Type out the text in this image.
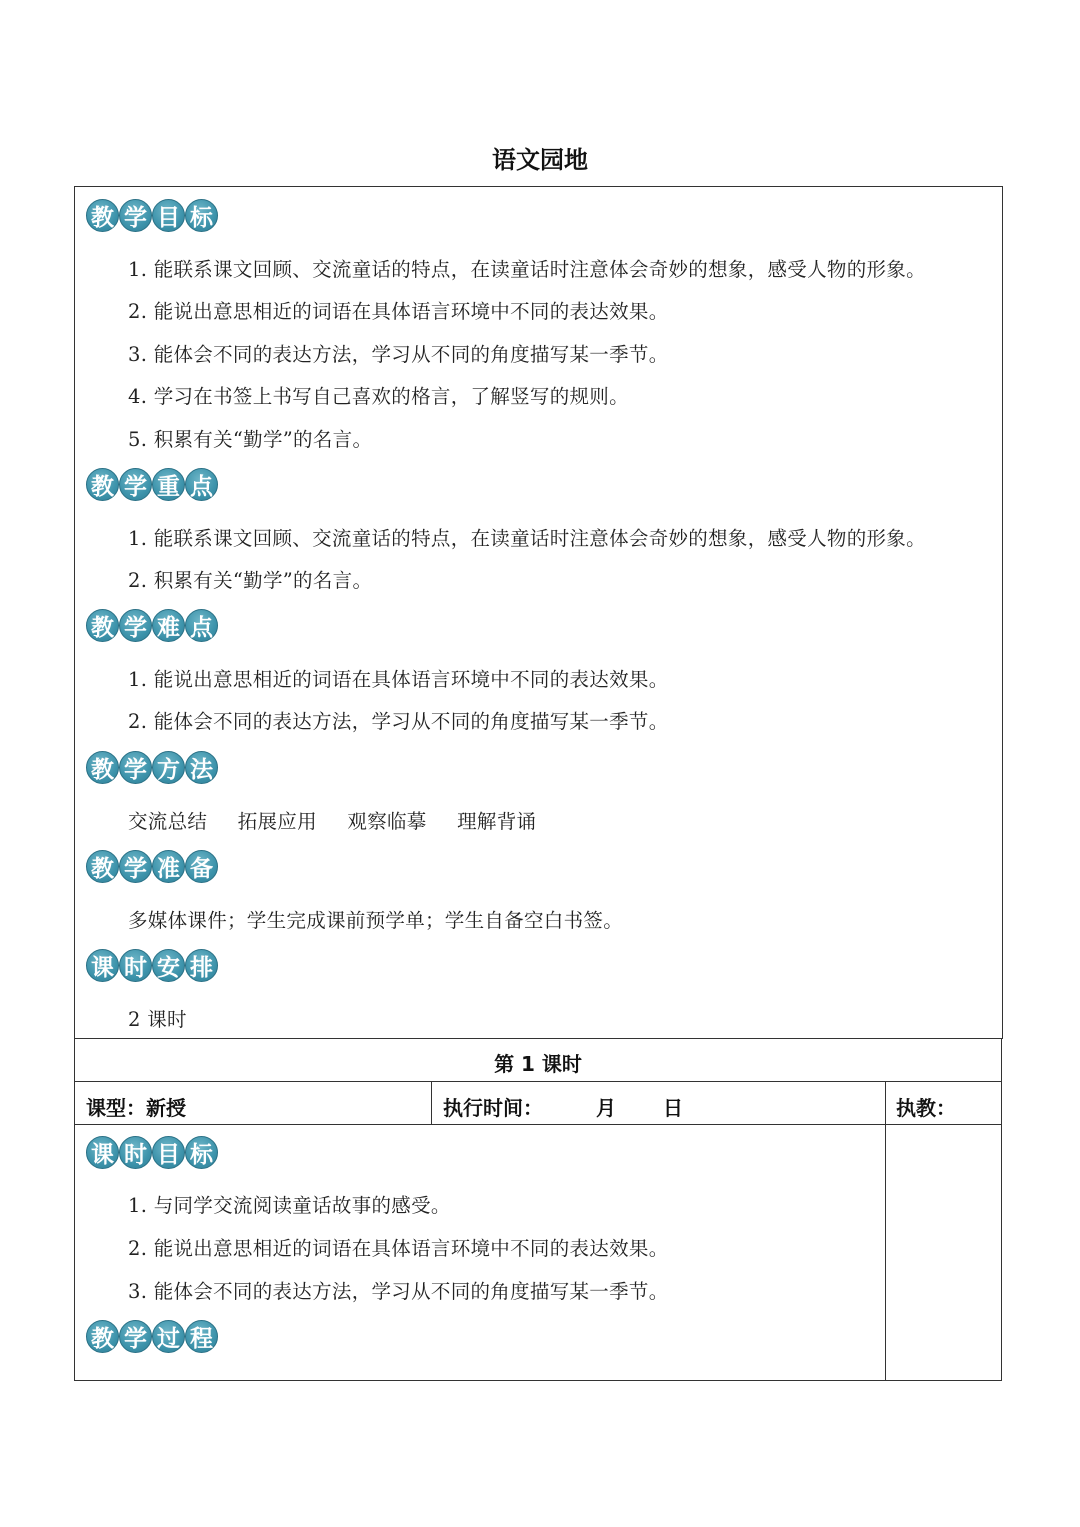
语文园地
教 学 目 标
1. 能联系课文回顾、交流童话的特点，在读童话时注意体会奇妙的想象，感受人物的形象。
2. 能说出意思相近的词语在具体语言环境中不同的表达效果。
3. 能体会不同的表达方法，学习从不同的角度描写某一季节。
4. 学习在书签上书写自己喜欢的格言，了解竖写的规则。
5. 积累有关“勤学”的名言。
教 学 重 点
1. 能联系课文回顾、交流童话的特点，在读童话时注意体会奇妙的想象，感受人物的形象。
2. 积累有关“勤学”的名言。
教 学 难 点
1. 能说出意思相近的词语在具体语言环境中不同的表达效果。
2. 能体会不同的表达方法，学习从不同的角度描写某一季节。
教 学 方 法
交流总结 拓展应用 观察临摹 理解背诵
教 学 准 备
多媒体课件；学生完成课前预学单；学生自备空白书签。
课 时 安 排
2 课时
第 1 课时
课型：新授	执行时间：	月 日	执教：
课 时 目 标
1. 与同学交流阅读童话故事的感受。
2. 能说出意思相近的词语在具体语言环境中不同的表达效果。
3. 能体会不同的表达方法，学习从不同的角度描写某一季节。
教 学 过 程
